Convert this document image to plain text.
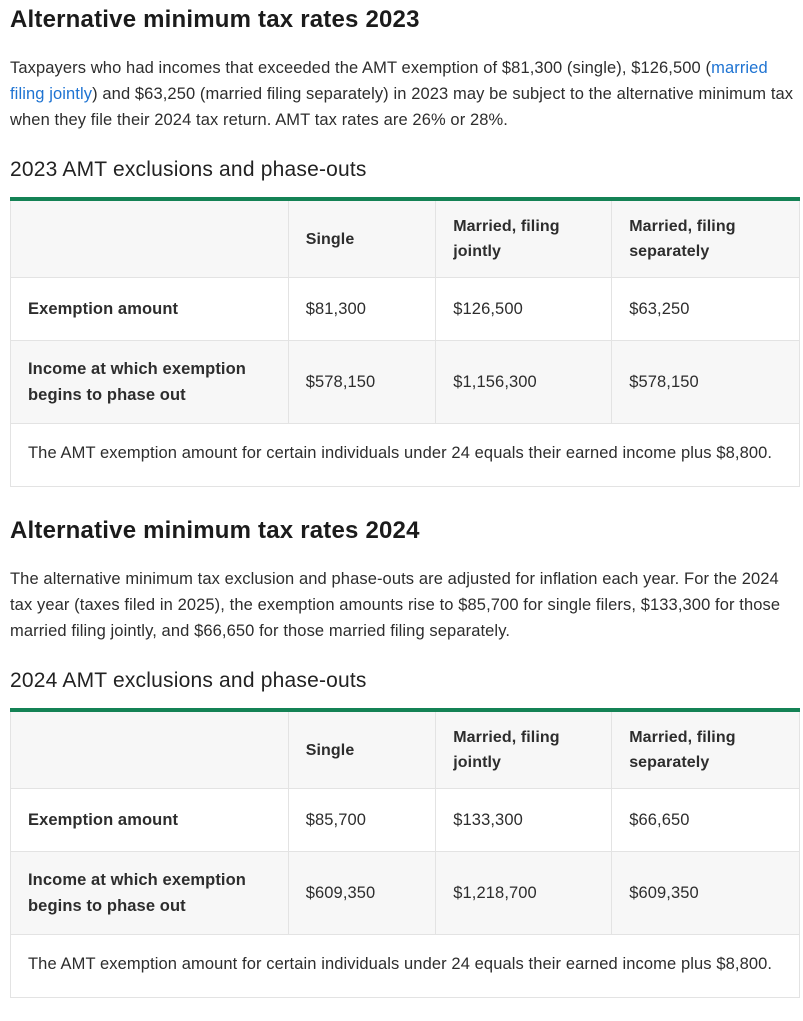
Alternative minimum tax rates 2023

Taxpayers who had incomes that exceeded the AMT exemption of $81,300 (single), $126,500 (married filing jointly) and $63,250 (married filing separately) in 2023 may be subject to the alternative minimum tax when they file their 2024 tax return. AMT tax rates are 26% or 28%.

2023 AMT exclusions and phase-outs
	Single	Married, filing jointly	Married, filing separately
Exemption amount	$81,300	$126,500	$63,250
Income at which exemption begins to phase out	$578,150	$1,156,300	$578,150
The AMT exemption amount for certain individuals under 24 equals their earned income plus $8,800.			
Alternative minimum tax rates 2024

The alternative minimum tax exclusion and phase-outs are adjusted for inflation each year. For the 2024 tax year (taxes filed in 2025), the exemption amounts rise to $85,700 for single filers, $133,300 for those married filing jointly, and $66,650 for those married filing separately.

2024 AMT exclusions and phase-outs
	Single	Married, filing jointly	Married, filing separately
Exemption amount	$85,700	$133,300	$66,650
Income at which exemption begins to phase out	$609,350	$1,218,700	$609,350
The AMT exemption amount for certain individuals under 24 equals their earned income plus $8,800.			
